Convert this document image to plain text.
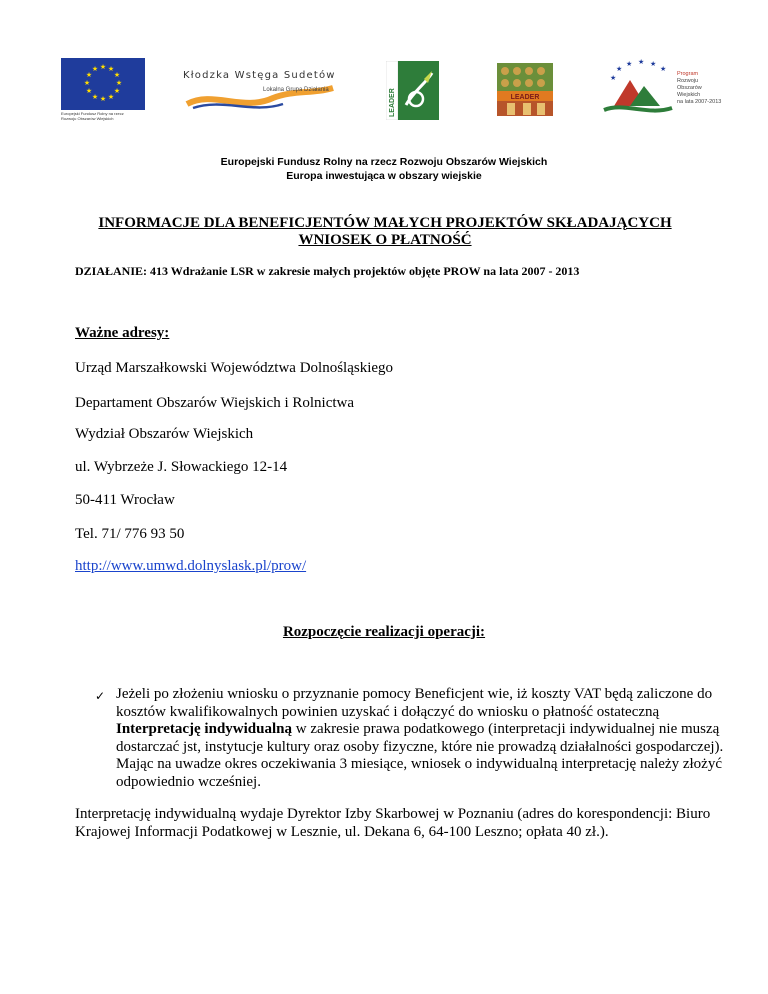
★ ★
★
★
★
★
★
★
★
★
★
★
Europejski Fundusz Rolny na rzecz
Rozwoju Obszarów Wiejskich
Kłodzka Wstęga Sudetów
Lokalna Grupa Działania	LEADER	LEADER
★
★
★ ★ ★
★
Program
Rozwoju
Obszarów
Wiejskich
na lata 2007-2013
Europejski Fundusz Rolny na rzecz Rozwoju Obszarów Wiejskich
Europa inwestująca w obszary wiejskie
INFORMACJE DLA BENEFICJENTÓW MAŁYCH PROJEKTÓW SKŁADAJĄCYCH
WNIOSEK O PŁATNOŚĆ
DZIAŁANIE: 413 Wdrażanie LSR w zakresie małych projektów objęte PROW na lata 2007 - 2013
Ważne adresy:
Urząd Marszałkowski Województwa Dolnośląskiego
Departament Obszarów Wiejskich i Rolnictwa
Wydział Obszarów Wiejskich
ul. Wybrzeże J. Słowackiego 12-14
50-411 Wrocław
Tel. 71/ 776 93 50
http://www.umwd.dolnyslask.pl/prow/
Rozpoczęcie realizacji operacji:
✓ Jeżeli po złożeniu wniosku o przyznanie pomocy Beneficjent wie, iż koszty VAT będą zaliczone do kosztów kwalifikowalnych powinien uzyskać i dołączyć do wniosku o płatność ostateczną Interpretację indywidualną w zakresie prawa podatkowego (interpretacji indywidualnej nie muszą dostarczać jst, instytucje kultury oraz osoby fizyczne, które nie prowadzą działalności gospodarczej). Mając na uwadze okres oczekiwania 3 miesiące, wniosek o indywidualną interpretację należy złożyć odpowiednio wcześniej.
Interpretację indywidualną wydaje Dyrektor Izby Skarbowej w Poznaniu (adres do korespondencji: Biuro Krajowej Informacji Podatkowej w Lesznie, ul. Dekana 6, 64-100 Leszno; opłata 40 zł.).
